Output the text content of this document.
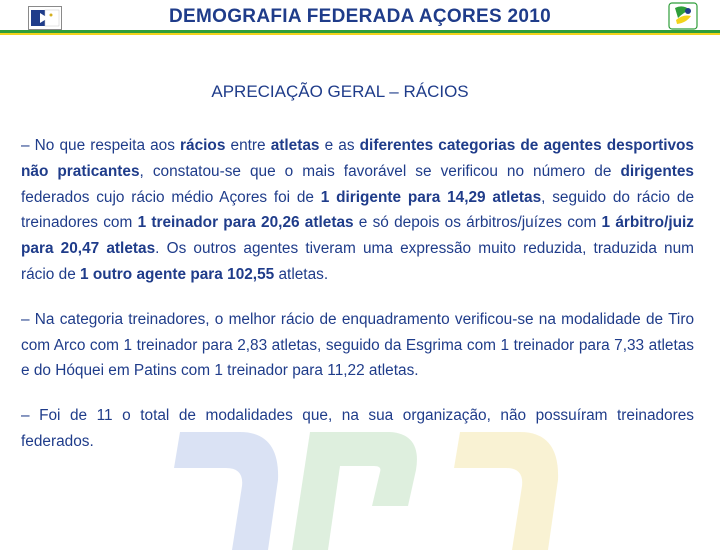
DEMOGRAFIA FEDERADA AÇORES 2010
APRECIAÇÃO GERAL – RÁCIOS

– No que respeita aos rácios entre atletas e as diferentes categorias de agentes desportivos não praticantes, constatou-se que o mais favorável se verificou no número de dirigentes federados cujo rácio médio Açores foi de 1 dirigente para 14,29 atletas, seguido do rácio de treinadores com 1 treinador para 20,26 atletas e só depois os árbitros/juízes com 1 árbitro/juiz para 20,47 atletas. Os outros agentes tiveram uma expressão muito reduzida, traduzida num rácio de 1 outro agente para 102,55 atletas.

– Na categoria treinadores, o melhor rácio de enquadramento verificou-se na modalidade de Tiro com Arco com 1 treinador para 2,83 atletas, seguido da Esgrima com 1 treinador para 7,33 atletas e do Hóquei em Patins com 1 treinador para 11,22 atletas.

– Foi de 11 o total de modalidades que, na sua organização, não possuíram treinadores federados.
